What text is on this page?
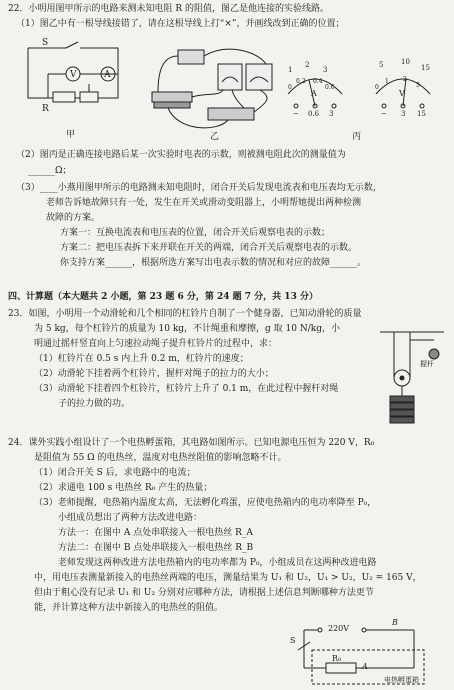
22．小明用图甲所示的电路来测未知电阻 R 的阻值，图乙是他连接的实验线路。
（1）图乙中有一根导线接错了，请在这根导线上打“×”，并画线改到正确的位置；
S
A
V
R
甲	乙
1
2
3
0
0.2 0.4
0.6
A
− 0.6 3
5	10
15
0
1 2
3
V
− 3 15
丙
（2）图丙是正确连接电路后某一次实验时电表的示数，则被测电阻此次的测量值为
______Ω；
（3）____小燕用图甲所示的电路测未知电阻时，闭合开关后发现电流表和电压表均无示数，
老师告诉她故障只有一处，发生在开关或滑动变阻器上，小明帮她提出两种检测
故障的方案。
方案一：互换电流表和电压表的位置，闭合开关后观察电表的示数；
方案二：把电压表拆下来并联在开关的两端，闭合开关后观察电表的示数。
你支持方案______，根据所选方案写出电表示数的情况和对应的故障______。
四、计算题（本大题共 2 小题，第 23 题 6 分，第 24 题 7 分，共 13 分）
23．如图，小明用一个动滑轮和几个相同的杠铃片自制了一个健身器，已知动滑轮的质量
为 5 kg，每个杠铃片的质量为 10 kg，不计绳重和摩擦，g 取 10 N/kg，小
明通过摇杆竖直向上匀速拉动绳子提升杠铃片的过程中，求：
（1）杠铃片在 0.5 s 内上升 0.2 m，杠铃片的速度；
（2）动滑轮下挂着两个杠铃片，握杆对绳子的拉力的大小；
（3）动滑轮下挂着四个杠铃片，杠铃片上升了 0.1 m，在此过程中握杆对绳
子的拉力做的功。
握杆
24．课外实践小组设计了一个电热孵蛋箱，其电路如图所示。已知电源电压恒为 220 V，R₀
是阻值为 55 Ω 的电热丝，温度对电热丝阻值的影响忽略不计。
（1）闭合开关 S 后，求电路中的电流；
（2）求通电 100 s 电热丝 R₀ 产生的热量；
（3）老师提醒，电热箱内温度太高，无法孵化鸡蛋，应使电热箱内的电功率降至 P₀，
小组成员想出了两种方法改进电路：
方法一：在图中 A 点处串联接入一根电热丝 R_A
方法二：在图中 B 点处串联接入一根电热丝 R_B
老师发现这两种改进方法电热箱内的电功率都为 P₀，小组成员在这两种改进电路
中，用电压表测量新接入的电热丝两端的电压，测量结果为 U₁ 和 U₂，U₁ > U₂，U₂ = 165 V，
但由于粗心没有记录 U₁ 和 U₂ 分别对应哪种方法，请根据上述信息判断哪种方法更节
能，并计算这种方法中新接入的电热丝的阻值。
220V
B
S
R₀
A
电热孵蛋箱
